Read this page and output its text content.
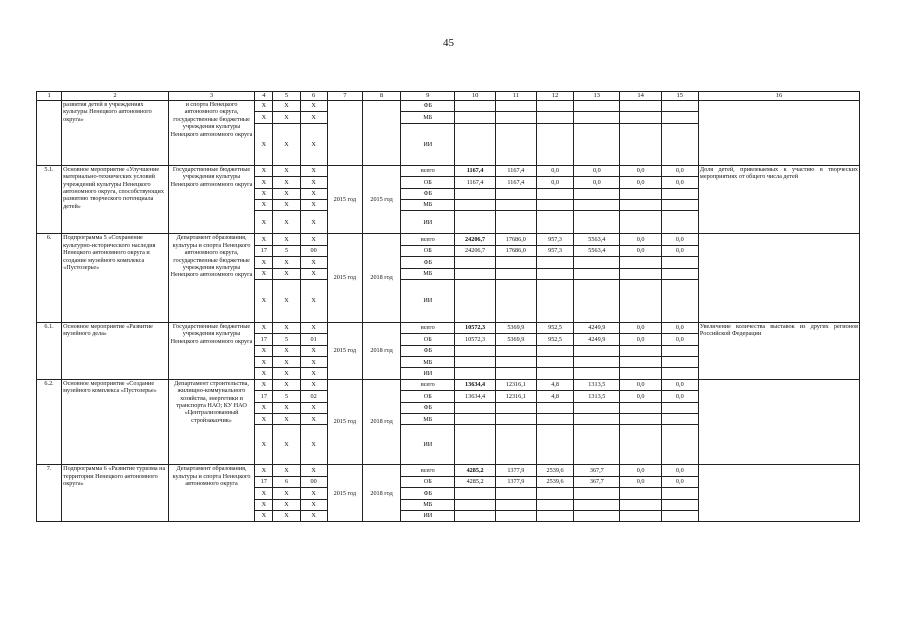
45
1	2	3	4	5	6	7	8	9	10	11	12	13	14	15	16
	развития детей в учреждениях культуры Ненецкого автономного округа»	и спорта Ненецкого автономного округа, государственные бюджетные учреждения культуры Ненецкого автономного округа	X	X	X			ФБ							
			X	X	X			МБ							
			X	X	X			ИИ							
5.1.	Основное мероприятие «Улучшение материально-технических условий учреждений культуры Ненецкого автономного округа, способствующих развитию творческого потенциала детей»	Государственные бюджетные учреждения культуры Ненецкого автономного округа	X	X	X	2015 год	2015 год	всего	1167,4	1167,4	0,0	0,0	0,0	0,0	Доля детей, привлекаемых к участию в творческих мероприятиях от общего числа детей
			X	X	X			ОБ	1167,4	1167,4	0,0	0,0	0,0	0,0	
			X	X	X			ФБ							
			X	X	X			МБ							
			X	X	X			ИИ							
6.	Подпрограмма 5 «Сохранение культурно-исторического наследия Ненецкого автономного округа и создание музейного комплекса «Пустозерье»	Департамент образования, культуры и спорта Ненецкого автономного округа, государственные бюджетные учреждения культуры Ненецкого автономного округа	X	X	X	2015 год	2018 год	всего	24206,7	17686,0	957,3	5563,4	0,0	0,0	
			17	5	00			ОБ	24206,7	17686,0	957,3	5563,4	0,0	0,0	
			X	X	X			ФБ							
			X	X	X			МБ							
			X	X	X			ИИ							
6.1.	Основное мероприятие «Развитие музейного дела»	Государственные бюджетные учреждения культуры Ненецкого автономного округа	X	X	X	2015 год	2018 год	всего	10572,3	5369,9	952,5	4249,9	0,0	0,0	Увеличение количества выставок из других регионов Российской Федерации
			17	5	01			ОБ	10572,3	5369,9	952,5	4249,9	0,0	0,0	
			X	X	X			ФБ							
			X	X	X			МБ							
			X	X	X			ИИ							
6.2.	Основное мероприятие «Создание музейного комплекса «Пустозерье»	Департамент строительства, жилищно-коммунального хозяйства, энергетики и транспорта НАО; КУ НАО «Централизованный стройзаказчик»	X	X	X	2015 год	2018 год	всего	13634,4	12316,1	4,8	1313,5	0,0	0,0	
			17	5	02			ОБ	13634,4	12316,1	4,8	1313,5	0,0	0,0	
			X	X	X			ФБ							
			X	X	X			МБ							
			X	X	X			ИИ							
7.	Подпрограмма 6 «Развитие туризма на территории Ненецкого автономного округа»	Департамент образования, культуры и спорта Ненецкого автономного округа	X	X	X	2015 год	2018 год	всего	4285,2	1377,9	2539,6	367,7	0,0	0,0	
			17	6	00			ОБ	4285,2	1377,9	2539,6	367,7	0,0	0,0	
			X	X	X			ФБ							
			X	X	X			МБ							
			X	X	X			ИИ							
